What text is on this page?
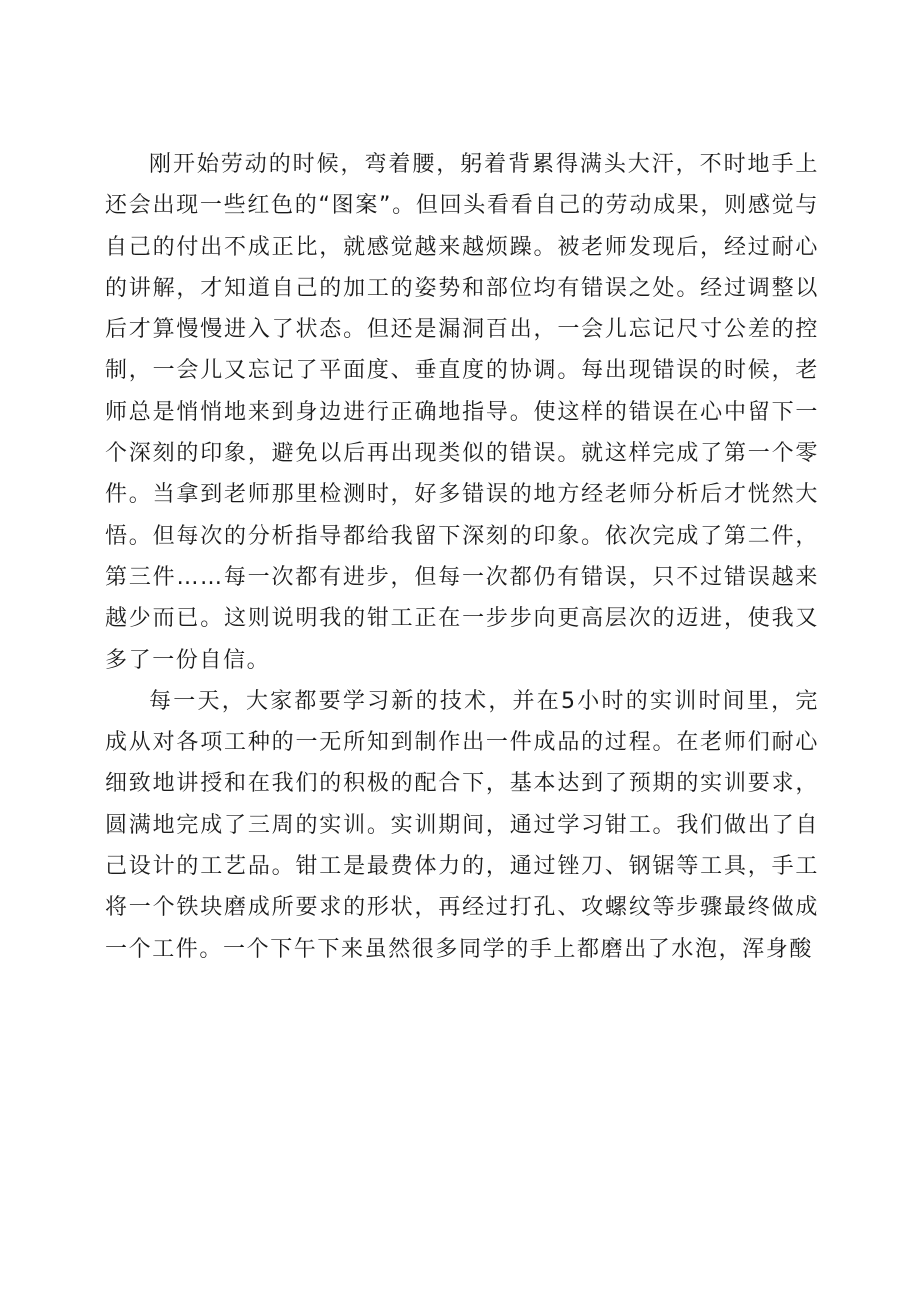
刚开始劳动的时候，弯着腰，躬着背累得满头大汗，不时地手上还会出现一些红色的“图案”。但回头看看自己的劳动成果，则感觉与自己的付出不成正比，就感觉越来越烦躁。被老师发现后，经过耐心的讲解，才知道自己的加工的姿势和部位均有错误之处。经过调整以后才算慢慢进入了状态。但还是漏洞百出，一会儿忘记尺寸公差的控制，一会儿又忘记了平面度、垂直度的协调。每出现错误的时候，老师总是悄悄地来到身边进行正确地指导。使这样的错误在心中留下一个深刻的印象，避免以后再出现类似的错误。就这样完成了第一个零件。当拿到老师那里检测时，好多错误的地方经老师分析后才恍然大悟。但每次的分析指导都给我留下深刻的印象。依次完成了第二件，第三件……每一次都有进步，但每一次都仍有错误，只不过错误越来越少而已。这则说明我的钳工正在一步步向更高层次的迈进，使我又多了一份自信。

每一天，大家都要学习新的技术，并在5小时的实训时间里，完成从对各项工种的一无所知到制作出一件成品的过程。在老师们耐心细致地讲授和在我们的积极的配合下，基本达到了预期的实训要求，圆满地完成了三周的实训。实训期间，通过学习钳工。我们做出了自己设计的工艺品。钳工是最费体力的，通过锉刀、钢锯等工具，手工将一个铁块磨成所要求的形状，再经过打孔、攻螺纹等步骤最终做成一个工件。一个下午下来虽然很多同学的手上都磨出了水泡，浑身酸
